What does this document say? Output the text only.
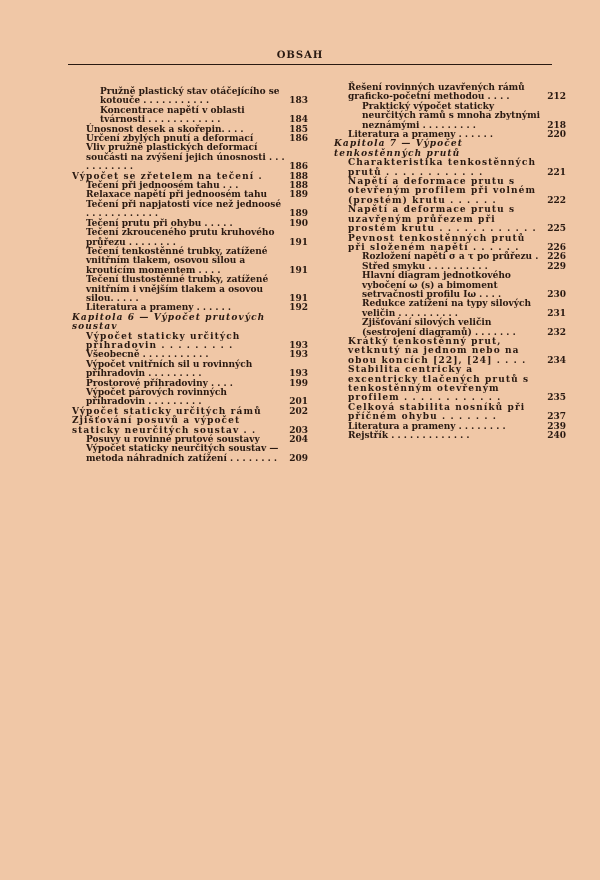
OBSAH
Pružně plastický stav otáčejícího se kotouče . . . . . . . . . . .	183
Koncentrace napětí v oblasti tvárnosti . . . . . . . . . . . .	184
Únosnost desek a skořepin. . . .	185
Určení zbylých pnutí a deformací	186
Vliv pružně plastických deformací součásti na zvýšení jejich únosnosti . . . . . . . . . . .	186
Výpočet se zřetelem na tečení .	188
Tečení při jednoosém tahu . . .	188
Relaxace napětí při jednoosém tahu	189
Tečení při napjatosti více než jednoosé . . . . . . . . . . . .	189
Tečení prutu při ohybu . . . . .	190
Tečení zkrouceného prutu kruhového průřezu . . . . . . . .	191
Tečení tenkostěnné trubky, zatížené vnitřním tlakem, osovou silou a kroutícím momentem . . . .	191
Tečení tlustostěnné trubky, zatížené vnitřním i vnějším tlakem a osovou silou. . . . .	191
Literatura a prameny . . . . . .	192
Kapitola 6 — Výpočet prutových soustav
Výpočet staticky určitých příhradovin . . . . . . . . .	193
Všeobecně . . . . . . . . . . .	193
Výpočet vnitřních sil u rovinných příhradovin . . . . . . . . .	193
Prostorové příhradoviny . . . .	199
Výpočet párových rovinných příhradovin . . . . . . . . .	201
Výpočet staticky určitých rámů	202
Zjišťování posuvů a výpočet staticky neurčitých soustav . .	203
Posuvy u rovinné prutové soustavy	204
Výpočet staticky neurčitých soustav — metoda náhradních zatížení . . . . . . . .	209
Řešení rovinných uzavřených rámů graficko-početní methodou . . . .	212
Praktický výpočet staticky neurčitých rámů s mnoha zbytnými neznámými . . . . . . . . .	218
Literatura a prameny . . . . . .	220
Kapitola 7 — Výpočet tenkostěnných prutů
Charakteristika tenkostěnných prutů . . . . . . . . . . . .	221
Napětí a deformace prutu s otevřeným profilem při volném (prostém) krutu . . . . . .	222
Napětí a deformace prutu s uzavřeným průřezem při prostém krutu . . . . . . . . . . . .	225
Pevnost tenkostěnných prutů při složeném napětí . . . . . .	226
Rozložení napětí σ a τ po průřezu . 226
Střed smyku . . . . . . . . . .	229
Hlavní diagram jednotkového vybočení ω (s) a bimoment setrvačnosti profilu Iω . . . .	230
Redukce zatížení na typy silových veličin . . . . . . . . . .	231
Zjišťování silových veličin (sestrojení diagramů) . . . . . . .	232
Krátký tenkostěnný prut, vetknutý na jednom nebo na obou koncích [22], [24] . . . .	234
Stabilita centricky a excentricky tlačených prutů s tenkostěnným otevřeným profilem . . . . . . . . . . . .	235
Celková stabilita nosníků při příčném ohybu . . . . . . .	237
Literatura a prameny . . . . . . . .	239
Rejstřík . . . . . . . . . . . . .	240
